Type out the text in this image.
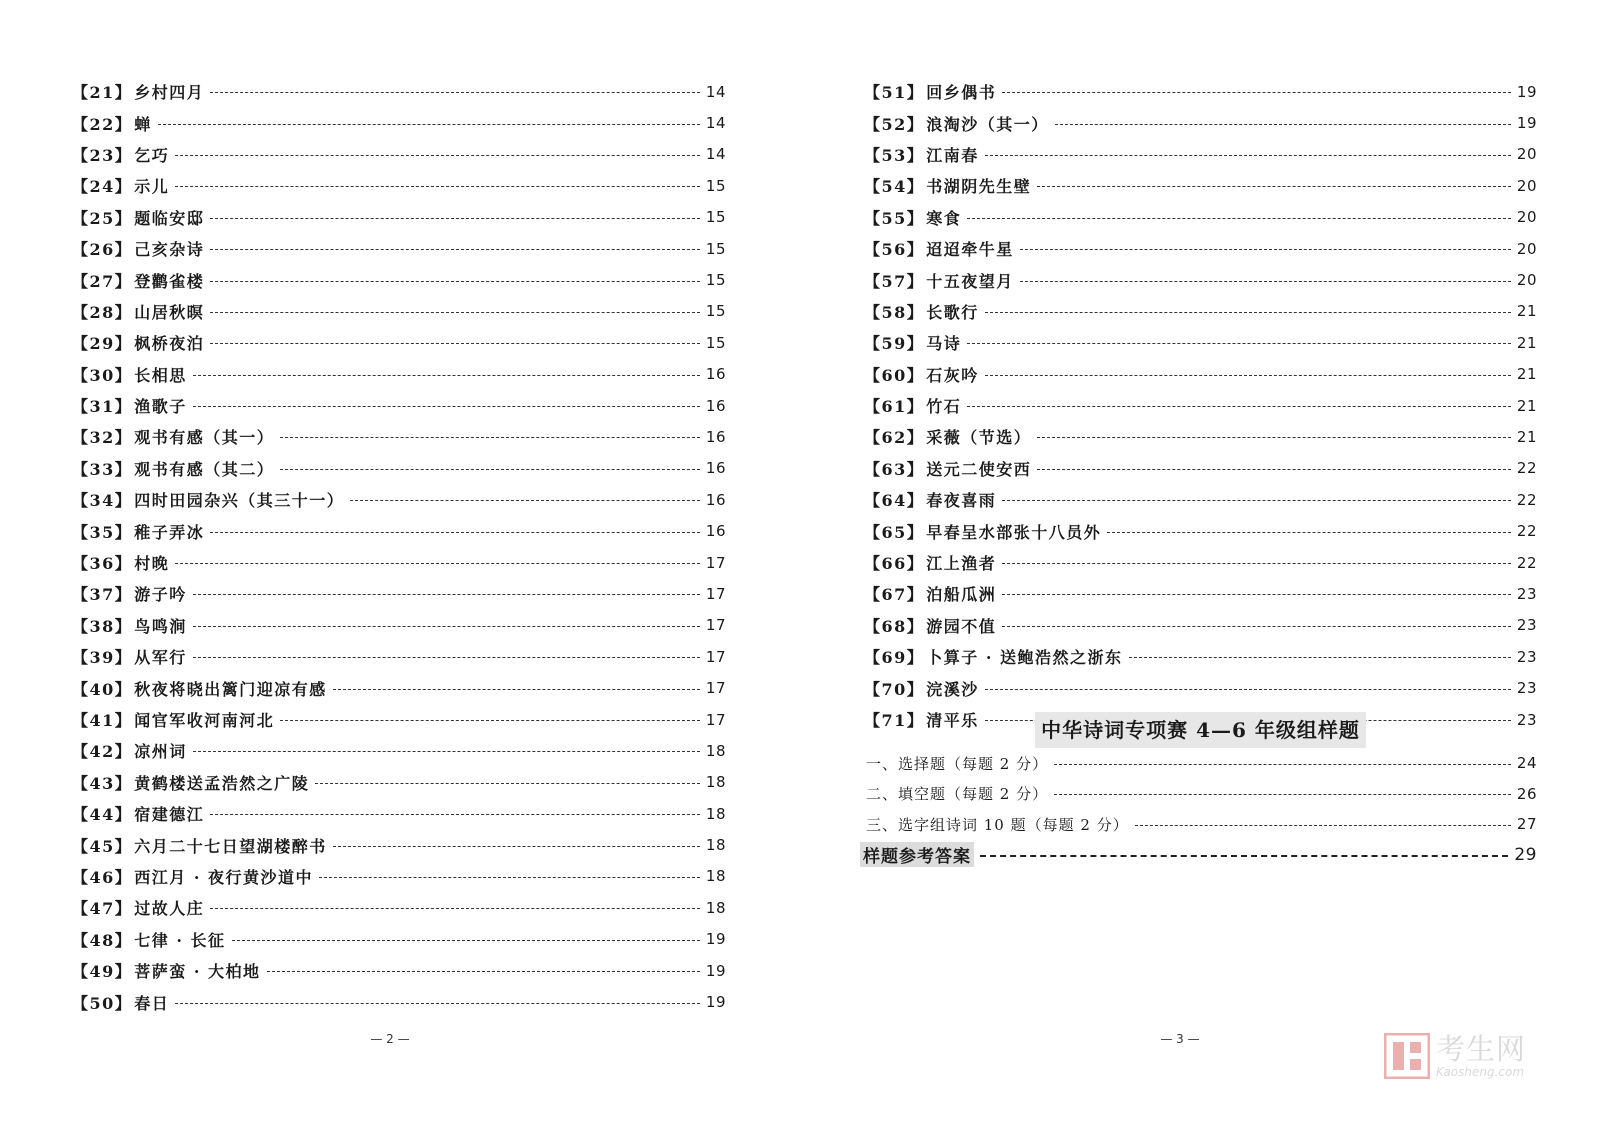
【21】 乡村四月	14
【22】 蝉	14
【23】 乞巧	14
【24】 示儿	15
【25】 题临安邸	15
【26】 己亥杂诗	15
【27】 登鹳雀楼	15
【28】 山居秋暝	15
【29】 枫桥夜泊	15
【30】 长相思	16
【31】 渔歌子	16
【32】 观书有感（其一）	16
【33】 观书有感（其二）	16
【34】 四时田园杂兴（其三十一）	16
【35】 稚子弄冰	16
【36】 村晚	17
【37】 游子吟	17
【38】 鸟鸣涧	17
【39】 从军行	17
【40】 秋夜将晓出篱门迎凉有感	17
【41】 闻官军收河南河北	17
【42】 凉州词	18
【43】 黄鹤楼送孟浩然之广陵	18
【44】 宿建德江	18
【45】 六月二十七日望湖楼醉书	18
【46】 西江月 · 夜行黄沙道中	18
【47】 过故人庄	18
【48】 七律 · 长征	19
【49】 菩萨蛮 · 大柏地	19
【50】 春日	19
— 2 —
【51】 回乡偶书	19
【52】 浪淘沙（其一）	19
【53】 江南春	20
【54】 书湖阴先生壁	20
【55】 寒食	20
【56】 迢迢牵牛星	20
【57】 十五夜望月	20
【58】 长歌行	21
【59】 马诗	21
【60】 石灰吟	21
【61】 竹石	21
【62】 采薇（节选）	21
【63】 送元二使安西	22
【64】 春夜喜雨	22
【65】 早春呈水部张十八员外	22
【66】 江上渔者	22
【67】 泊船瓜洲	23
【68】 游园不值	23
【69】 卜算子 · 送鲍浩然之浙东	23
【70】 浣溪沙	23
【71】 清平乐	23
中华诗词专项赛 4—6 年级组样题
一、选择题（每题 2 分）	24
二、填空题（每题 2 分）	26
三、选字组诗词 10 题（每题 2 分）	27
样题参考答案	29
— 3 —	考生网
Kaosheng.com
